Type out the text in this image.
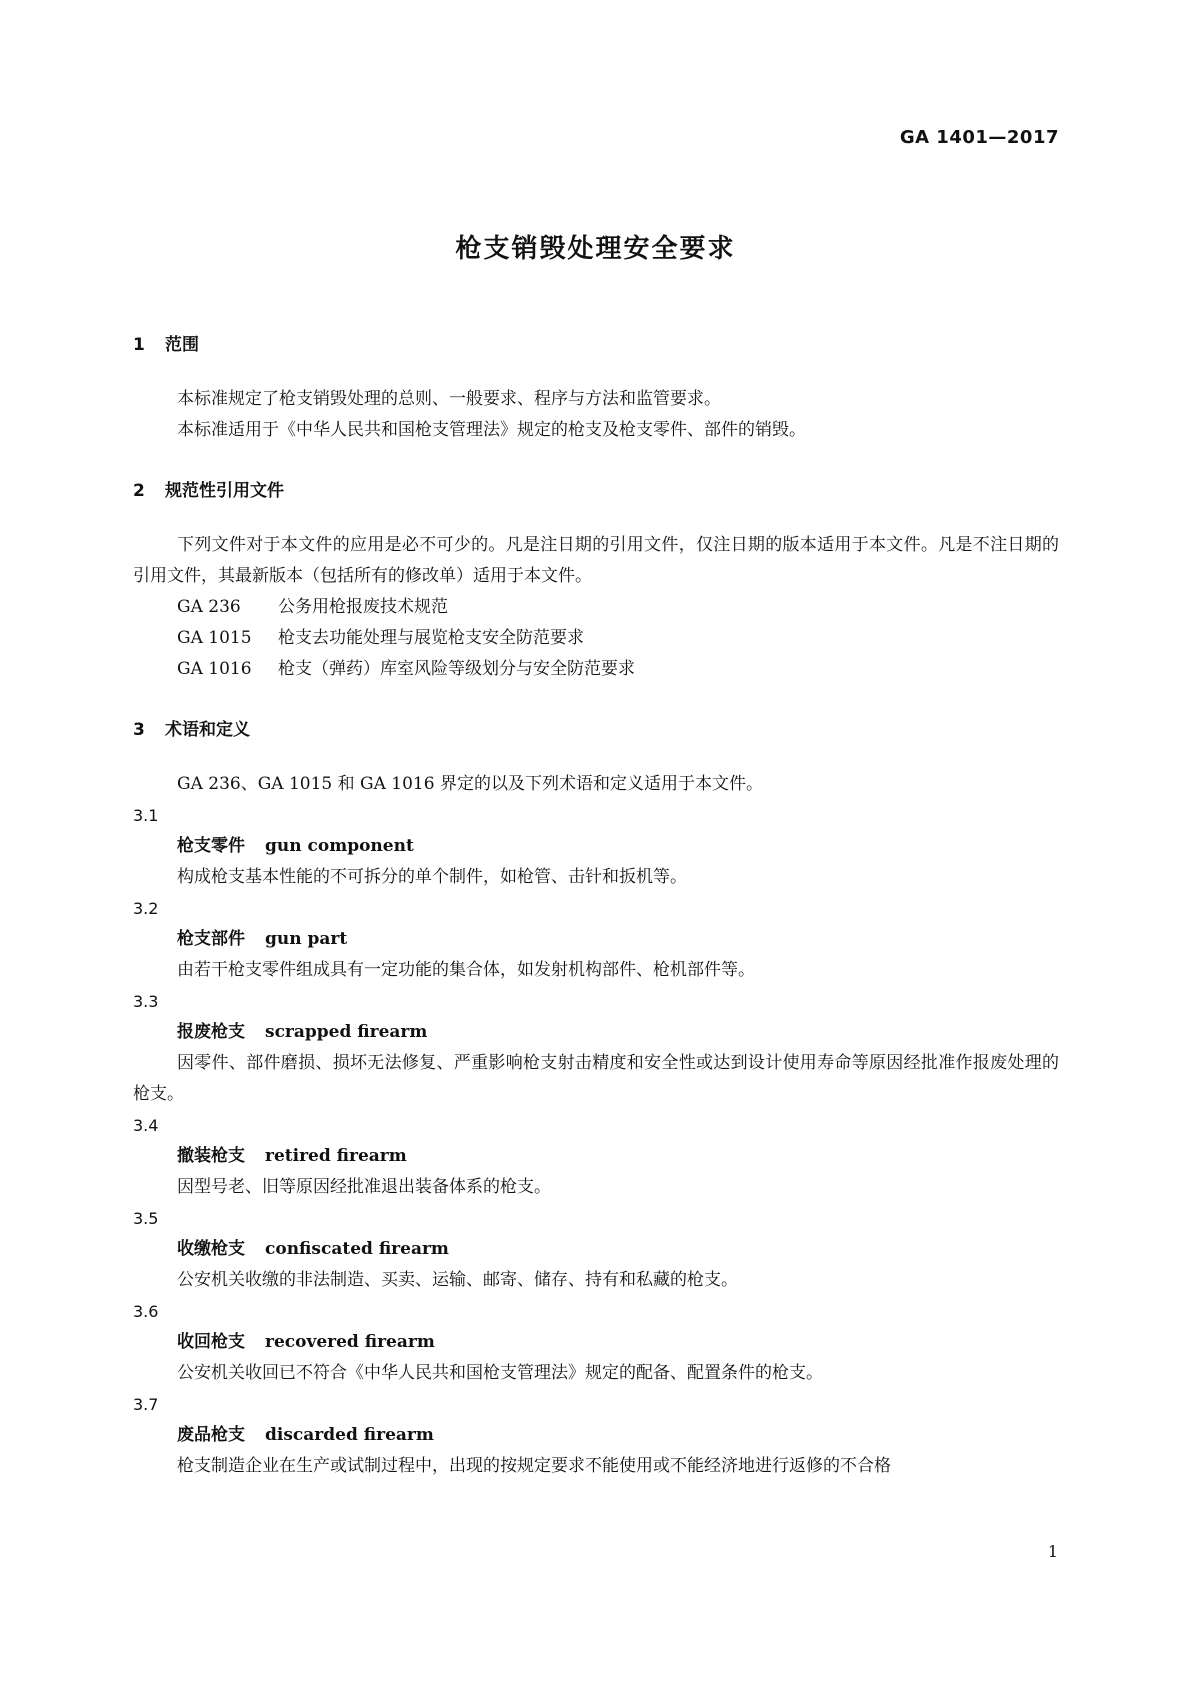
GA 1401—2017
枪支销毁处理安全要求
1 范围

本标准规定了枪支销毁处理的总则、一般要求、程序与方法和监管要求。

本标准适用于《中华人民共和国枪支管理法》规定的枪支及枪支零件、部件的销毁。

2 规范性引用文件

下列文件对于本文件的应用是必不可少的。凡是注日期的引用文件，仅注日期的版本适用于本文件。凡是不注日期的引用文件，其最新版本（包括所有的修改单）适用于本文件。

GA 236 公务用枪报废技术规范
GA 1015 枪支去功能处理与展览枪支安全防范要求
GA 1016 枪支（弹药）库室风险等级划分与安全防范要求
3 术语和定义

GA 236、GA 1015 和 GA 1016 界定的以及下列术语和定义适用于本文件。

3.1
枪支零件 gun component

构成枪支基本性能的不可拆分的单个制件，如枪管、击针和扳机等。

3.2
枪支部件 gun part

由若干枪支零件组成具有一定功能的集合体，如发射机构部件、枪机部件等。

3.3
报废枪支 scrapped firearm

因零件、部件磨损、损坏无法修复、严重影响枪支射击精度和安全性或达到设计使用寿命等原因经批准作报废处理的枪支。

3.4
撤装枪支 retired firearm

因型号老、旧等原因经批准退出装备体系的枪支。

3.5
收缴枪支 confiscated firearm

公安机关收缴的非法制造、买卖、运输、邮寄、储存、持有和私藏的枪支。

3.6
收回枪支 recovered firearm

公安机关收回已不符合《中华人民共和国枪支管理法》规定的配备、配置条件的枪支。

3.7
废品枪支 discarded firearm

枪支制造企业在生产或试制过程中，出现的按规定要求不能使用或不能经济地进行返修的不合格

1
